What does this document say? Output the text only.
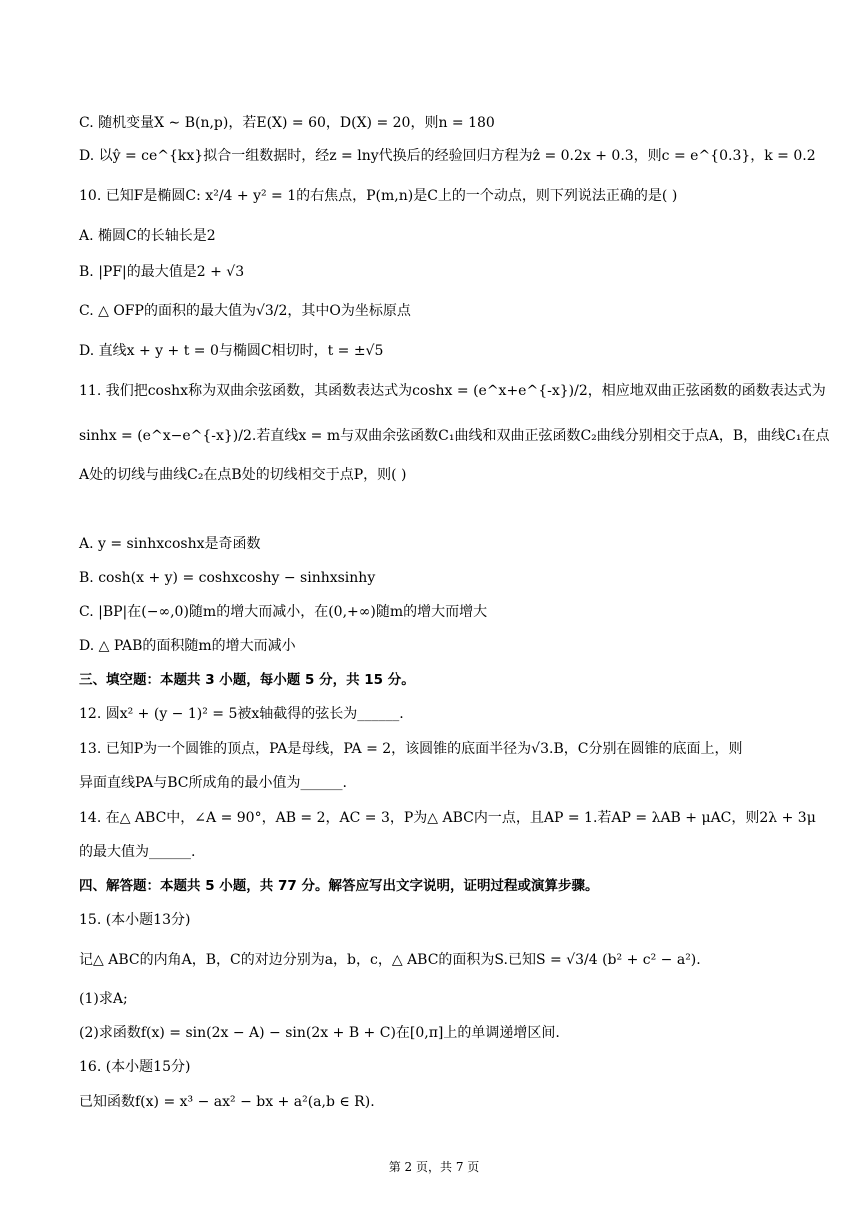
C. 随机变量X ∼ B(n,p)，若E(X) = 60，D(X) = 20，则n = 180
D. 以ŷ = ce^{kx}拟合一组数据时，经z = lny代换后的经验回归方程为ẑ = 0.2x + 0.3，则c = e^{0.3}，k = 0.2
10. 已知F是椭圆C: x²/4 + y² = 1的右焦点，P(m,n)是C上的一个动点，则下列说法正确的是( )
A. 椭圆C的长轴长是2
B. |PF|的最大值是2 + √3
C. △ OFP的面积的最大值为√3/2，其中O为坐标原点
D. 直线x + y + t = 0与椭圆C相切时，t = ±√5
11. 我们把coshx称为双曲余弦函数，其函数表达式为coshx = (e^x+e^{-x})/2，相应地双曲正弦函数的函数表达式为
sinhx = (e^x−e^{-x})/2.若直线x = m与双曲余弦函数C₁曲线和双曲正弦函数C₂曲线分别相交于点A，B，曲线C₁在点
A处的切线与曲线C₂在点B处的切线相交于点P，则( )
A. y = sinhxcoshx是奇函数
B. cosh(x + y) = coshxcoshy − sinhxsinhy
C. |BP|在(−∞,0)随m的增大而减小，在(0,+∞)随m的增大而增大
D. △ PAB的面积随m的增大而减小
三、填空题：本题共 3 小题，每小题 5 分，共 15 分。
12. 圆x² + (y − 1)² = 5被x轴截得的弦长为______.
13. 已知P为一个圆锥的顶点，PA是母线，PA = 2，该圆锥的底面半径为√3.B，C分别在圆锥的底面上，则
异面直线PA与BC所成角的最小值为______.
14. 在△ ABC中，∠A = 90°，AB = 2，AC = 3，P为△ ABC内一点，且AP = 1.若AP = λAB + μAC，则2λ + 3μ
的最大值为______.
四、解答题：本题共 5 小题，共 77 分。解答应写出文字说明，证明过程或演算步骤。
15. (本小题13分)
记△ ABC的内角A，B，C的对边分别为a，b，c，△ ABC的面积为S.已知S = √3/4 (b² + c² − a²).
(1)求A;
(2)求函数f(x) = sin(2x − A) − sin(2x + B + C)在[0,π]上的单调递增区间.
16. (本小题15分)
已知函数f(x) = x³ − ax² − bx + a²(a,b ∈ R).
第 2 页，共 7 页
